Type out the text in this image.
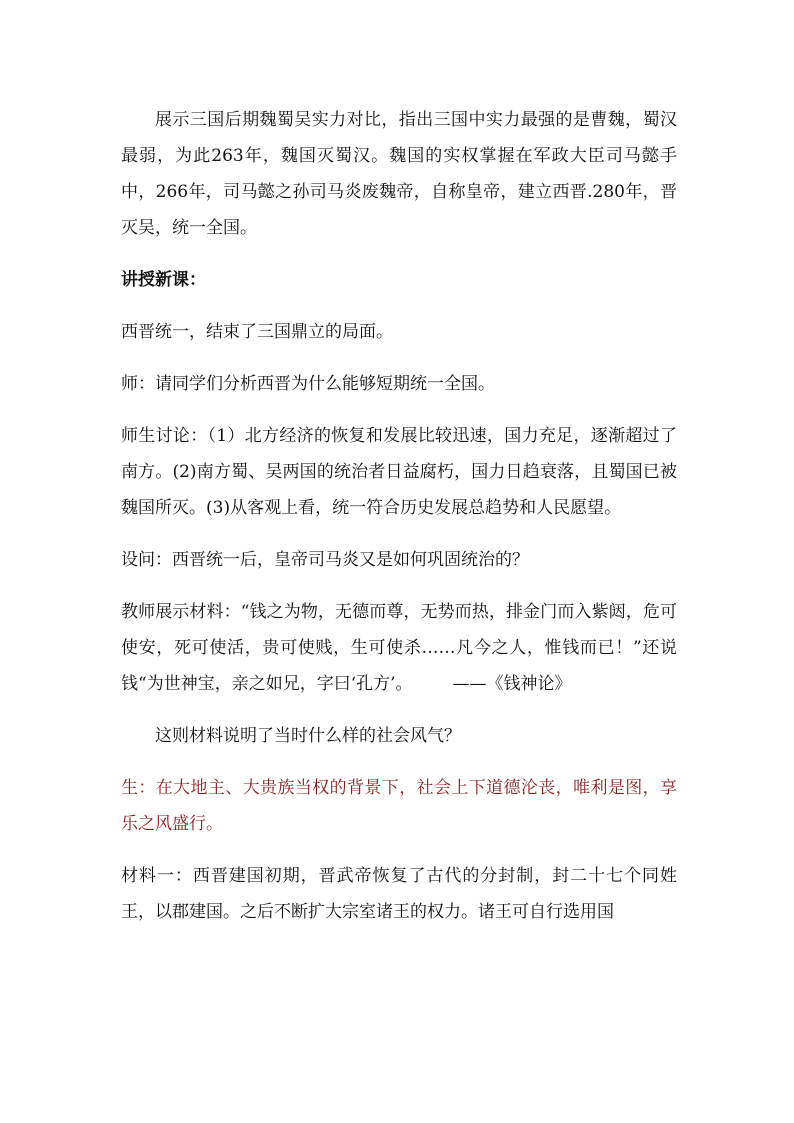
展示三国后期魏蜀吴实力对比，指出三国中实力最强的是曹魏，蜀汉最弱，为此263年，魏国灭蜀汉。魏国的实权掌握在军政大臣司马懿手中，266年，司马懿之孙司马炎废魏帝，自称皇帝，建立西晋.280年，晋灭吴，统一全国。

讲授新课：

西晋统一，结束了三国鼎立的局面。

师：请同学们分析西晋为什么能够短期统一全国。

师生讨论：（1）北方经济的恢复和发展比较迅速，国力充足，逐渐超过了南方。(2)南方蜀、吴两国的统治者日益腐朽，国力日趋衰落，且蜀国已被魏国所灭。(3)从客观上看，统一符合历史发展总趋势和人民愿望。

设问：西晋统一后，皇帝司马炎又是如何巩固统治的？

教师展示材料：“钱之为物，无德而尊，无势而热，排金门而入紫闼，危可使安，死可使活，贵可使贱，生可使杀……凡今之人，惟钱而已！”还说钱“为世神宝，亲之如兄，字曰‘孔方’。 ——《钱神论》

这则材料说明了当时什么样的社会风气？

生：在大地主、大贵族当权的背景下，社会上下道德沦丧，唯利是图，享乐之风盛行。

材料一：西晋建国初期，晋武帝恢复了古代的分封制，封二十七个同姓王，以郡建国。之后不断扩大宗室诸王的权力。诸王可自行选用国
